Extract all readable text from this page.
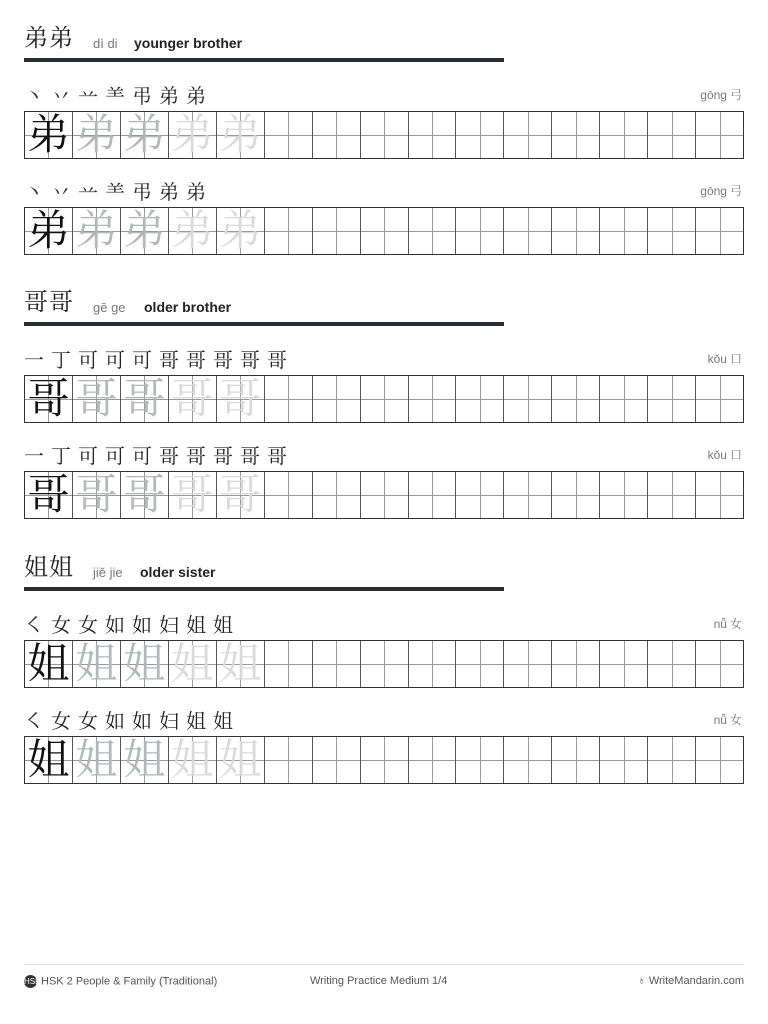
弟弟 dì di younger brother
丶 丷 䒑 ⺷ 弔 弟 弟	gōng 弓
弟 弟 弟 弟 弟
丶 丷 䒑 ⺷ 弔 弟 弟	gōng 弓
弟 弟 弟 弟 弟
哥哥 gē ge older brother
一 丁 可 可 可 哥 哥 哥 哥 哥	kǒu 口
哥 哥 哥 哥 哥
一 丁 可 可 可 哥 哥 哥 哥 哥	kǒu 口
哥 哥 哥 哥 哥
姐姐 jiě jie older sister
㇛ 女 女 如 如 妇 姐 姐	nǚ 女
姐 姐 姐 姐 姐
㇛ 女 女 如 如 妇 姐 姐	nǚ 女
姐 姐 姐 姐 姐
HSKHSK 2 People & Family (Traditional)	Writing Practice Medium 1/4	♁ WriteMandarin.com
